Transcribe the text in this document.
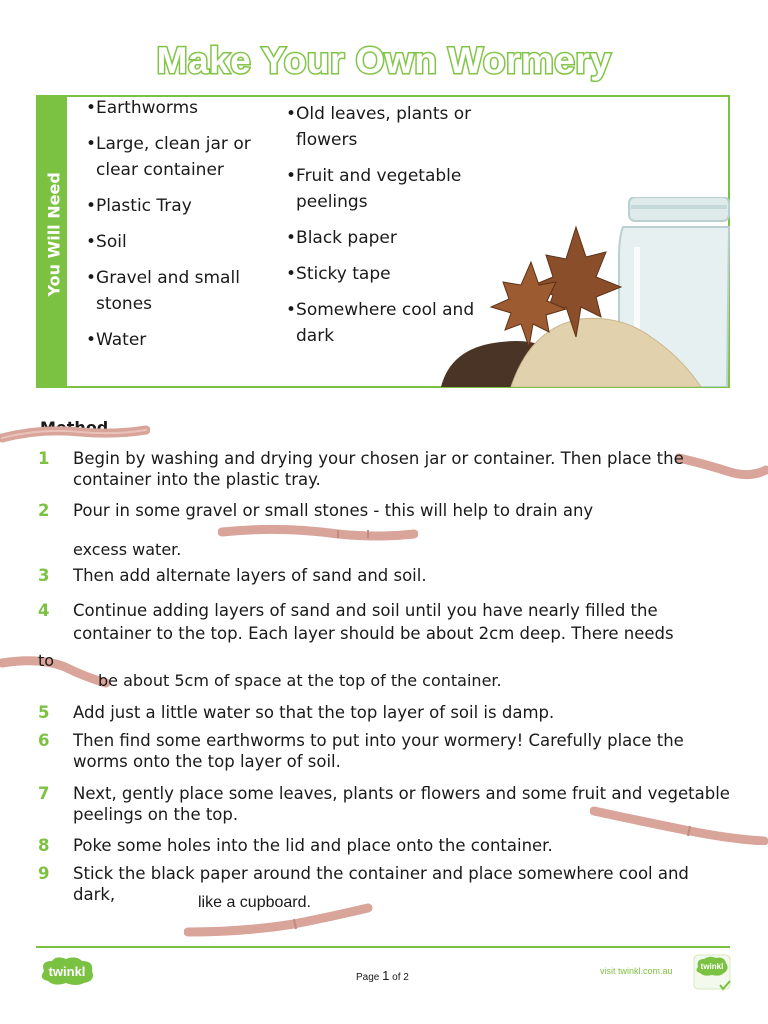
Make Your Own Wormery
You Will Need
•Earthworms
•Large, clean jar or clear container
•Plastic Tray
•Soil
•Gravel and small stones
•Water
•Old leaves, plants or flowers
•Fruit and vegetable peelings
•Black paper
•Sticky tape
•Somewhere cool and dark
Method
1	Begin by washing and drying your chosen jar or container. Then place the container into the plastic tray.
2	Pour in some gravel or small stones - this will help to drain any
excess water.
3	Then add alternate layers of sand and soil.
4	Continue adding layers of sand and soil until you have nearly filled the container to the top. Each layer should be about 2cm deep. There needs
to
be about 5cm of space at the top of the container.
5	Add just a little water so that the top layer of soil is damp.
6	Then find some earthworms to put into your wormery! Carefully place the worms onto the top layer of soil.
7	Next, gently place some leaves, plants or flowers and some fruit and vegetable peelings on the top.
8	Poke some holes into the lid and place onto the container.
9	Stick the black paper around the container and place somewhere cool and dark,	like a cupboard.
twinkl	Page 1 of 2
visit twinkl.com.au	twinkl
